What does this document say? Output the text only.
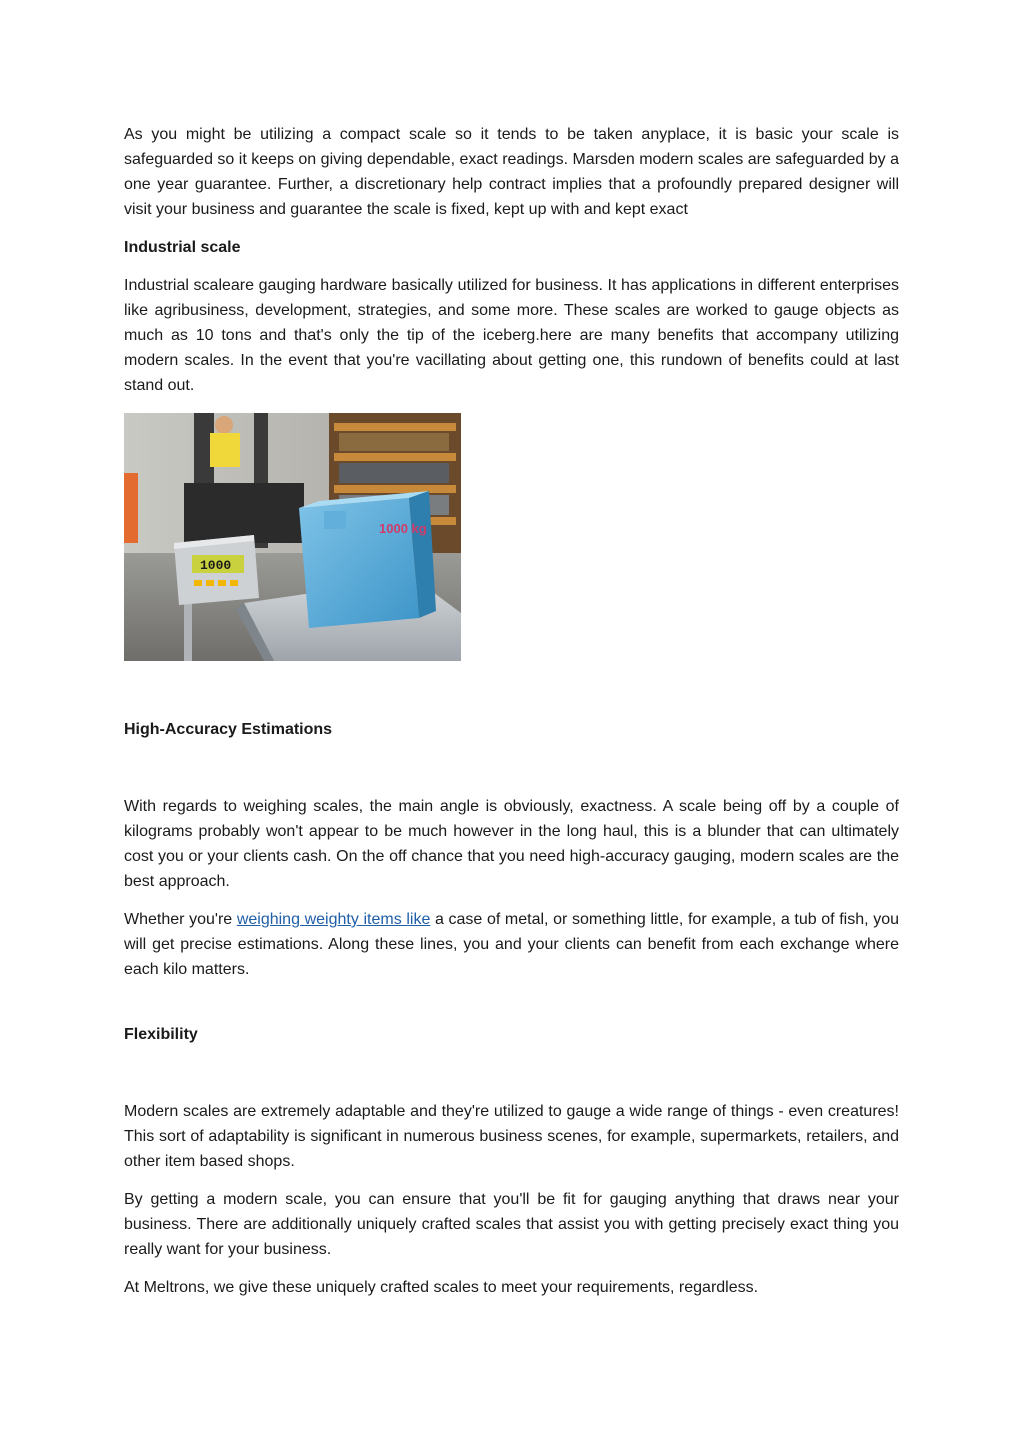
As you might be utilizing a compact scale so it tends to be taken anyplace, it is basic your scale is safeguarded so it keeps on giving dependable, exact readings. Marsden modern scales are safeguarded by a one year guarantee. Further, a discretionary help contract implies that a profoundly prepared designer will visit your business and guarantee the scale is fixed, kept up with and kept exact

Industrial scale

Industrial scaleare gauging hardware basically utilized for business. It has applications in different enterprises like agribusiness, development, strategies, and some more. These scales are worked to gauge objects as much as 10 tons and that's only the tip of the iceberg.here are many benefits that accompany utilizing modern scales. In the event that you're vacillating about getting one, this rundown of benefits could at last stand out.

1000 kg
1000
High-Accuracy Estimations

With regards to weighing scales, the main angle is obviously, exactness. A scale being off by a couple of kilograms probably won't appear to be much however in the long haul, this is a blunder that can ultimately cost you or your clients cash. On the off chance that you need high-accuracy gauging, modern scales are the best approach.

Whether you're weighing weighty items like a case of metal, or something little, for example, a tub of fish, you will get precise estimations. Along these lines, you and your clients can benefit from each exchange where each kilo matters.

Flexibility

Modern scales are extremely adaptable and they're utilized to gauge a wide range of things - even creatures! This sort of adaptability is significant in numerous business scenes, for example, supermarkets, retailers, and other item based shops.

By getting a modern scale, you can ensure that you'll be fit for gauging anything that draws near your business. There are additionally uniquely crafted scales that assist you with getting precisely exact thing you really want for your business.

At Meltrons, we give these uniquely crafted scales to meet your requirements, regardless.
